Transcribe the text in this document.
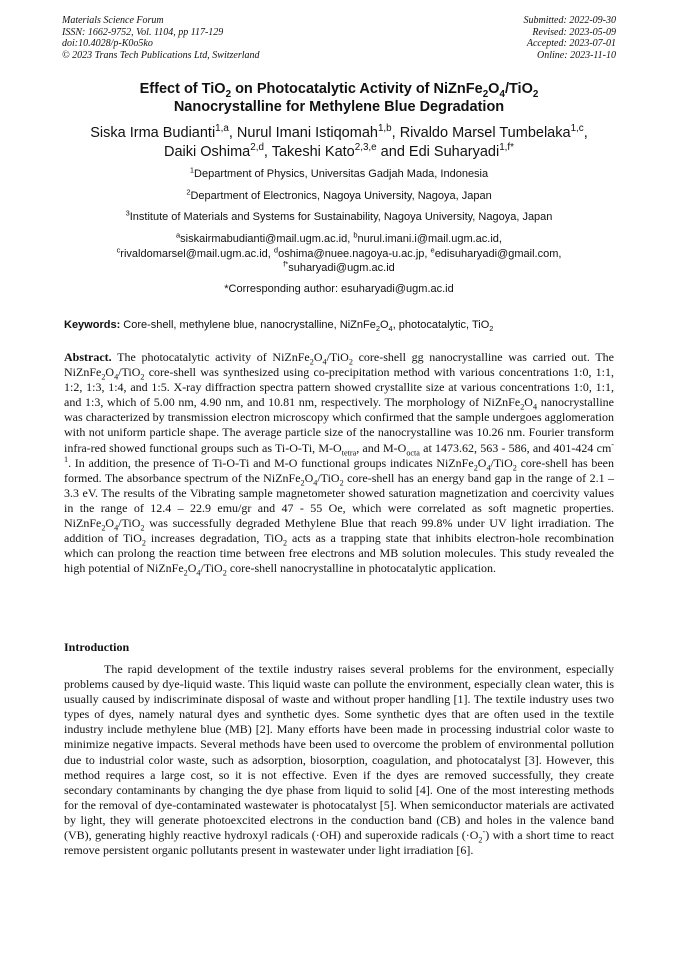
Materials Science Forum
ISSN: 1662-9752, Vol. 1104, pp 117-129
doi:10.4028/p-K0o5ko
© 2023 Trans Tech Publications Ltd, Switzerland
Submitted: 2022-09-30
Revised: 2023-05-09
Accepted: 2023-07-01
Online: 2023-11-10
Effect of TiO$_2$ on Photocatalytic Activity of $NiZnFe_2O_4/TiO_2$
Nanocrystalline for Methylene Blue Degradation
Siska Irma Budianti$^{1,a}$, Nurul Imani Istiqomah$^{1,b}$, Rivaldo Marsel Tumbelaka$^{1,c}$,
Daiki Oshima$^{2,d}$, Takeshi Kato$^{2,3,e}$ and Edi Suharyadi$^{1,f*}$
$^1$Department of Physics, Universitas Gadjah Mada, Indonesia
$^2$Department of Electronics, Nagoya University, Nagoya, Japan
$^3$Institute of Materials and Systems for Sustainability, Nagoya University, Nagoya, Japan
$^a$siskairmabudianti@mail.ugm.ac.id, $^b$nurul.imani.i@mail.ugm.ac.id,
$^c$rivaldomarsel@mail.ugm.ac.id, $^d$oshima@nuee.nagoya-u.ac.jp, $^e$edisuharyadi@gmail.com,
$^{f*}$suharyadi@ugm.ac.id
*Corresponding author: esuharyadi@ugm.ac.id
Keywords: Core-shell, methylene blue, nanocrystalline, $NiZnFe_2O_4$, photocatalytic, TiO$_2$

Abstract. The photocatalytic activity of $NiZnFe_2O_4/TiO_2$ core-shell gg nanocrystalline was carried out. The $NiZnFe_2O_4/TiO_2$ core-shell was synthesized using co-precipitation method with various concentrations 1:0, 1:1, 1:2, 1:3, 1:4, and 1:5. X-ray diffraction spectra pattern showed crystallite size at various concentrations 1:0, 1:1, and 1:3, which of 5.00 nm, 4.90 nm, and 10.81 nm, respectively. The morphology of $NiZnFe_2O_4$ nanocrystalline was characterized by transmission electron microscopy which confirmed that the sample undergoes agglomeration with not uniform particle shape. The average particle size of the nanocrystalline was 10.26 nm. Fourier transform infra-red showed functional groups such as Ti-O-Ti, $M-O_{tetra}$, and $M-O_{octa}$ at 1473.62, 563 - 586, and 401-424 $cm^{-1}$. In addition, the presence of Ti-O-Ti and M-O functional groups indicates $NiZnFe_2O_4/TiO_2$ core-shell has been formed. The absorbance spectrum of the $NiZnFe_2O_4/TiO_2$ core-shell has an energy band gap in the range of 2.1 – 3.3 eV. The results of the Vibrating sample magnetometer showed saturation magnetization and coercivity values in the range of 12.4 – 22.9 emu/gr and 47 - 55 Oe, which were correlated as soft magnetic properties. $NiZnFe_2O_4/TiO_2$ was successfully degraded Methylene Blue that reach 99.8% under UV light irradiation. The addition of TiO$_2$ increases degradation, TiO$_2$ acts as a trapping state that inhibits electron-hole recombination which can prolong the reaction time between free electrons and MB solution molecules. This study revealed the high potential of $NiZnFe_2O_4/TiO_2$ core-shell nanocrystalline in photocatalytic application.

Introduction

The rapid development of the textile industry raises several problems for the environment, especially problems caused by dye-liquid waste. This liquid waste can pollute the environment, especially clean water, this is usually caused by indiscriminate disposal of waste and without proper handling [1]. The textile industry uses two types of dyes, namely natural dyes and synthetic dyes. Some synthetic dyes that are often used in the textile industry include methylene blue (MB) [2]. Many efforts have been made in processing industrial color waste to minimize negative impacts. Several methods have been used to overcome the problem of environmental pollution due to industrial color waste, such as adsorption, biosorption, coagulation, and photocatalyst [3]. However, this method requires a large cost, so it is not effective. Even if the dyes are removed successfully, they create secondary contaminants by changing the dye phase from liquid to solid [4]. One of the most interesting methods for the removal of dye-contaminated wastewater is photocatalyst [5]. When semiconductor materials are activated by light, they will generate photoexcited electrons in the conduction band (CB) and holes in the valence band (VB), generating highly reactive hydroxyl radicals (·OH) and superoxide radicals $(\cdot O_2^-)$ with a short time to react remove persistent organic pollutants present in wastewater under light irradiation [6].
